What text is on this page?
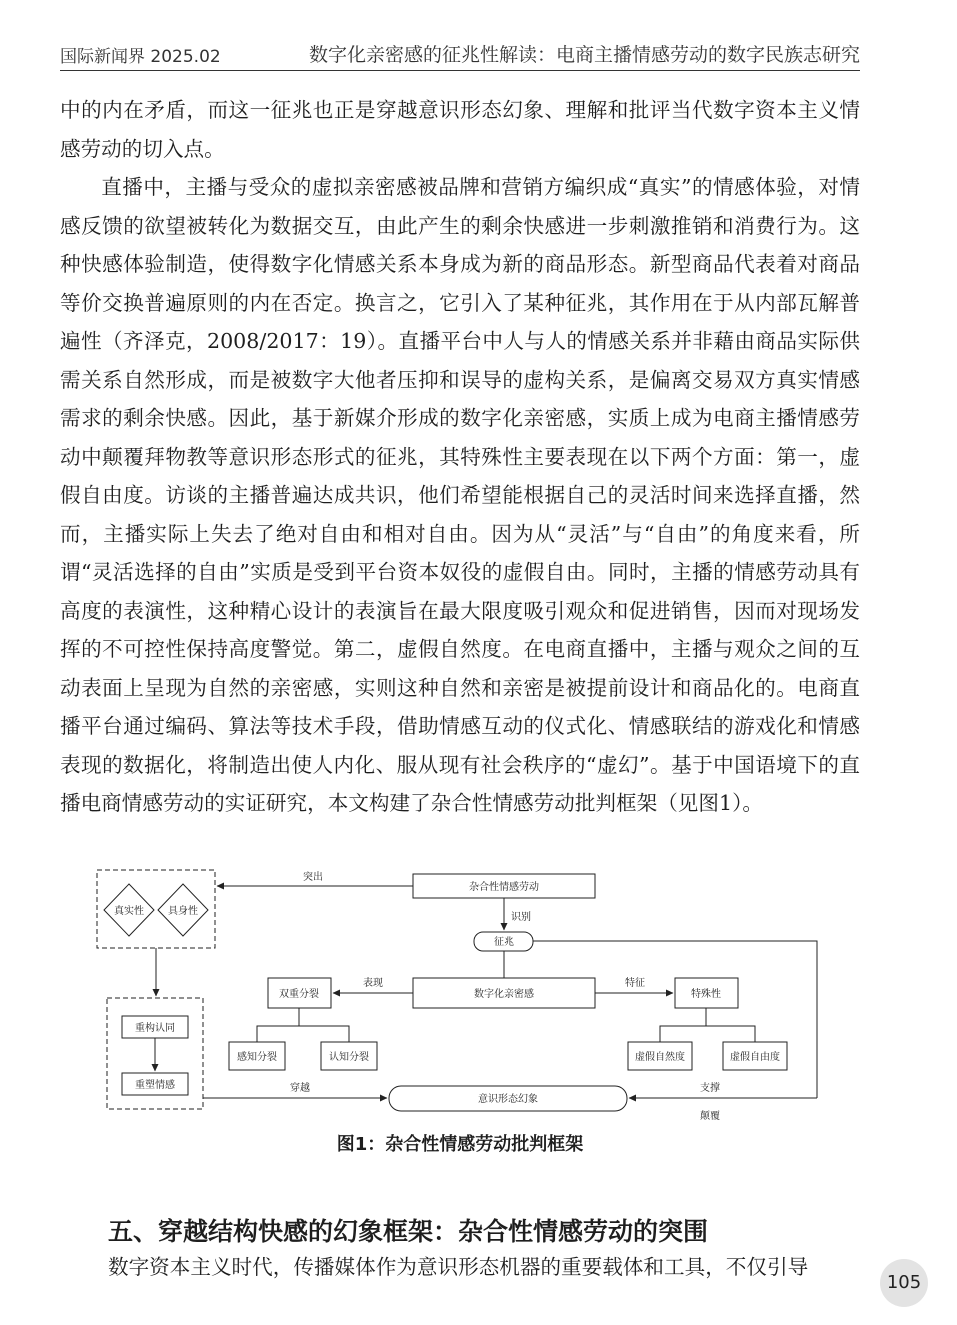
国际新闻界 2025.02	数字化亲密感的征兆性解读：电商主播情感劳动的数字民族志研究

中的内在矛盾，而这一征兆也正是穿越意识形态幻象、理解和批评当代数字资本主义情感劳动的切入点。

直播中，主播与受众的虚拟亲密感被品牌和营销方编织成“真实”的情感体验，对情感反馈的欲望被转化为数据交互，由此产生的剩余快感进一步刺激推销和消费行为。这种快感体验制造，使得数字化情感关系本身成为新的商品形态。新型商品代表着对商品等价交换普遍原则的内在否定。换言之，它引入了某种征兆，其作用在于从内部瓦解普遍性（齐泽克，2008/2017：19）。直播平台中人与人的情感关系并非藉由商品实际供需关系自然形成，而是被数字大他者压抑和误导的虚构关系，是偏离交易双方真实情感需求的剩余快感。因此，基于新媒介形成的数字化亲密感，实质上成为电商主播情感劳动中颠覆拜物教等意识形态形式的征兆，其特殊性主要表现在以下两个方面：第一，虚假自由度。访谈的主播普遍达成共识，他们希望能根据自己的灵活时间来选择直播，然而，主播实际上失去了绝对自由和相对自由。因为从“灵活”与“自由”的角度来看，所谓“灵活选择的自由”实质是受到平台资本奴役的虚假自由。同时，主播的情感劳动具有高度的表演性，这种精心设计的表演旨在最大限度吸引观众和促进销售，因而对现场发挥的不可控性保持高度警觉。第二，虚假自然度。在电商直播中，主播与观众之间的互动表面上呈现为自然的亲密感，实则这种自然和亲密是被提前设计和商品化的。电商直播平台通过编码、算法等技术手段，借助情感互动的仪式化、情感联结的游戏化和情感表现的数据化，将制造出使人内化、服从现有社会秩序的“虚幻”。基于中国语境下的直播电商情感劳动的实证研究，本文构建了杂合性情感劳动批判框架（见图1）。

真实性 具身性
杂合性情感劳动
征兆
数字化亲密感
双重分裂	特殊性
感知分裂	认知分裂	虚假自然度	虚假自由度
重构认同
重塑情感
意识形态幻象
突出
识别
表现	特征
穿越	支撑
颠覆
图1：杂合性情感劳动批判框架
五、穿越结构快感的幻象框架：杂合性情感劳动的突围

数字资本主义时代，传播媒体作为意识形态机器的重要载体和工具，不仅引导

105
